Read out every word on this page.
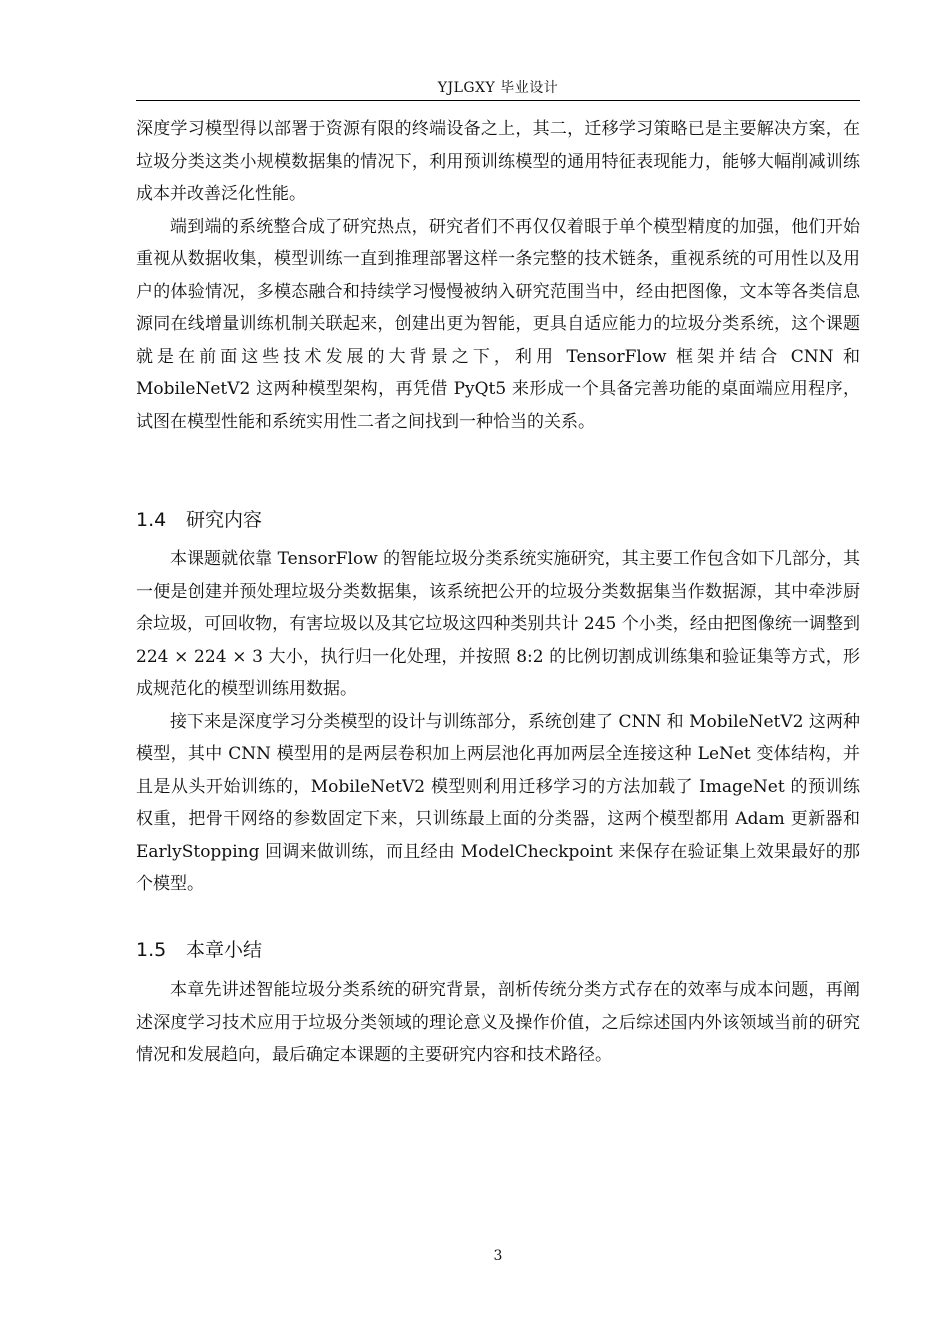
YJLGXY 毕业设计

深度学习模型得以部署于资源有限的终端设备之上，其二，迁移学习策略已是主要解决方案，在垃圾分类这类小规模数据集的情况下，利用预训练模型的通用特征表现能力，能够大幅削减训练成本并改善泛化性能。

端到端的系统整合成了研究热点，研究者们不再仅仅着眼于单个模型精度的加强，他们开始重视从数据收集，模型训练一直到推理部署这样一条完整的技术链条，重视系统的可用性以及用户的体验情况，多模态融合和持续学习慢慢被纳入研究范围当中，经由把图像，文本等各类信息源同在线增量训练机制关联起来，创建出更为智能，更具自适应能力的垃圾分类系统，这个课题就是在前面这些技术发展的大背景之下，利用 TensorFlow 框架并结合 CNN 和 MobileNetV2 这两种模型架构，再凭借 PyQt5 来形成一个具备完善功能的桌面端应用程序，试图在模型性能和系统实用性二者之间找到一种恰当的关系。

1.4 研究内容

本课题就依靠 TensorFlow 的智能垃圾分类系统实施研究，其主要工作包含如下几部分，其一便是创建并预处理垃圾分类数据集，该系统把公开的垃圾分类数据集当作数据源，其中牵涉厨余垃圾，可回收物，有害垃圾以及其它垃圾这四种类别共计 245 个小类，经由把图像统一调整到 224 × 224 × 3 大小，执行归一化处理，并按照 8:2 的比例切割成训练集和验证集等方式，形成规范化的模型训练用数据。

接下来是深度学习分类模型的设计与训练部分，系统创建了 CNN 和 MobileNetV2 这两种模型，其中 CNN 模型用的是两层卷积加上两层池化再加两层全连接这种 LeNet 变体结构，并且是从头开始训练的，MobileNetV2 模型则利用迁移学习的方法加载了 ImageNet 的预训练权重，把骨干网络的参数固定下来，只训练最上面的分类器，这两个模型都用 Adam 更新器和 EarlyStopping 回调来做训练，而且经由 ModelCheckpoint 来保存在验证集上效果最好的那个模型。

1.5 本章小结

本章先讲述智能垃圾分类系统的研究背景，剖析传统分类方式存在的效率与成本问题，再阐述深度学习技术应用于垃圾分类领域的理论意义及操作价值，之后综述国内外该领域当前的研究情况和发展趋向，最后确定本课题的主要研究内容和技术路径。

3
